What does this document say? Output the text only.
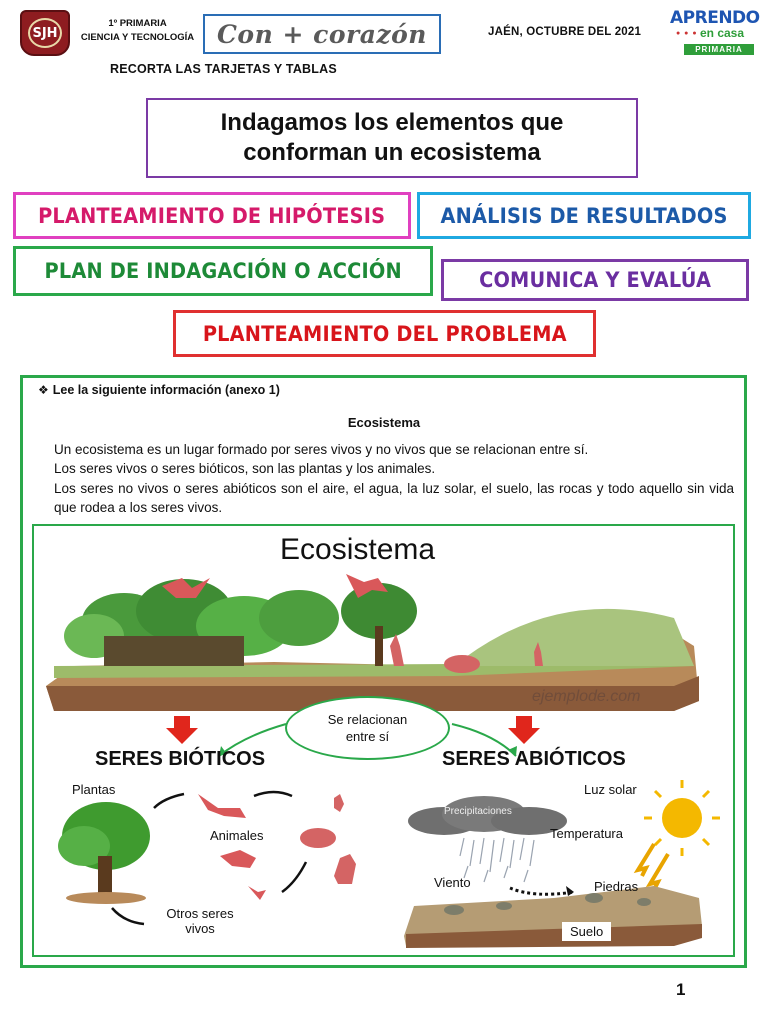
SJH
1º PRIMARIA
CIENCIA Y TECNOLOGÍA Con + corazón	JAÉN, OCTUBRE DEL 2021
APRENDO
● ● ● en casa
PRIMARIA
RECORTA LAS TARJETAS Y TABLAS
Indagamos los elementos que
conforman un ecosistema
PLANTEAMIENTO DE HIPÓTESIS	ANÁLISIS DE RESULTADOS
PLAN DE INDAGACIÓN O ACCIÓN	COMUNICA Y EVALÚA
PLANTEAMIENTO DEL PROBLEMA
❖ Lee la siguiente información (anexo 1)
Ecosistema

Un ecosistema es un lugar formado por seres vivos y no vivos que se relacionan entre sí.

Los seres vivos o seres bióticos, son las plantas y los animales.

Los seres no vivos o seres abióticos son el aire, el agua, la luz solar, el suelo, las rocas y todo aquello sin vida que rodea a los seres vivos.

Ecosistema
ejemplode.com
Se relacionan
entre sí
SERES BIÓTICOS	SERES ABIÓTICOS
Plantas
Animales
Otros seres
vivos
Luz solar
Precipitaciones
Temperatura
Viento	Piedras
Suelo
1
